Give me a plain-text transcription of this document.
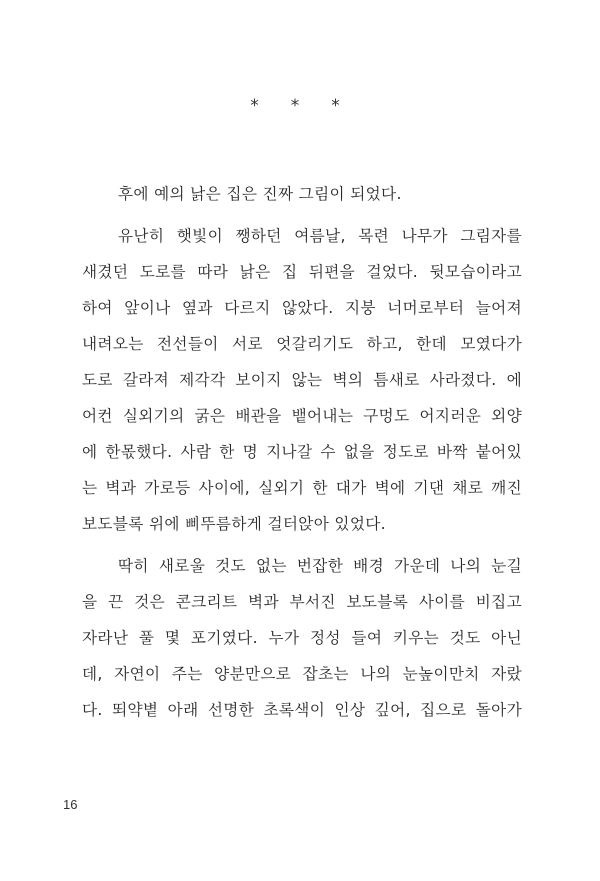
* * *
후에 예의 낡은 집은 진짜 그림이 되었다.
유난히 햇빛이 쨍하던 여름날, 목련 나무가 그림자를
새겼던 도로를 따라 낡은 집 뒤편을 걸었다. 뒷모습이라고
하여 앞이나 옆과 다르지 않았다. 지붕 너머로부터 늘어져
내려오는 전선들이 서로 엇갈리기도 하고, 한데 모였다가
도로 갈라져 제각각 보이지 않는 벽의 틈새로 사라졌다. 에
어컨 실외기의 굵은 배관을 뱉어내는 구멍도 어지러운 외양
에 한몫했다. 사람 한 명 지나갈 수 없을 정도로 바짝 붙어있
는 벽과 가로등 사이에, 실외기 한 대가 벽에 기댄 채로 깨진
보도블록 위에 삐뚜름하게 걸터앉아 있었다.
딱히 새로울 것도 없는 번잡한 배경 가운데 나의 눈길
을 끈 것은 콘크리트 벽과 부서진 보도블록 사이를 비집고
자라난 풀 몇 포기였다. 누가 정성 들여 키우는 것도 아닌
데, 자연이 주는 양분만으로 잡초는 나의 눈높이만치 자랐
다. 뙤약볕 아래 선명한 초록색이 인상 깊어, 집으로 돌아가
16
